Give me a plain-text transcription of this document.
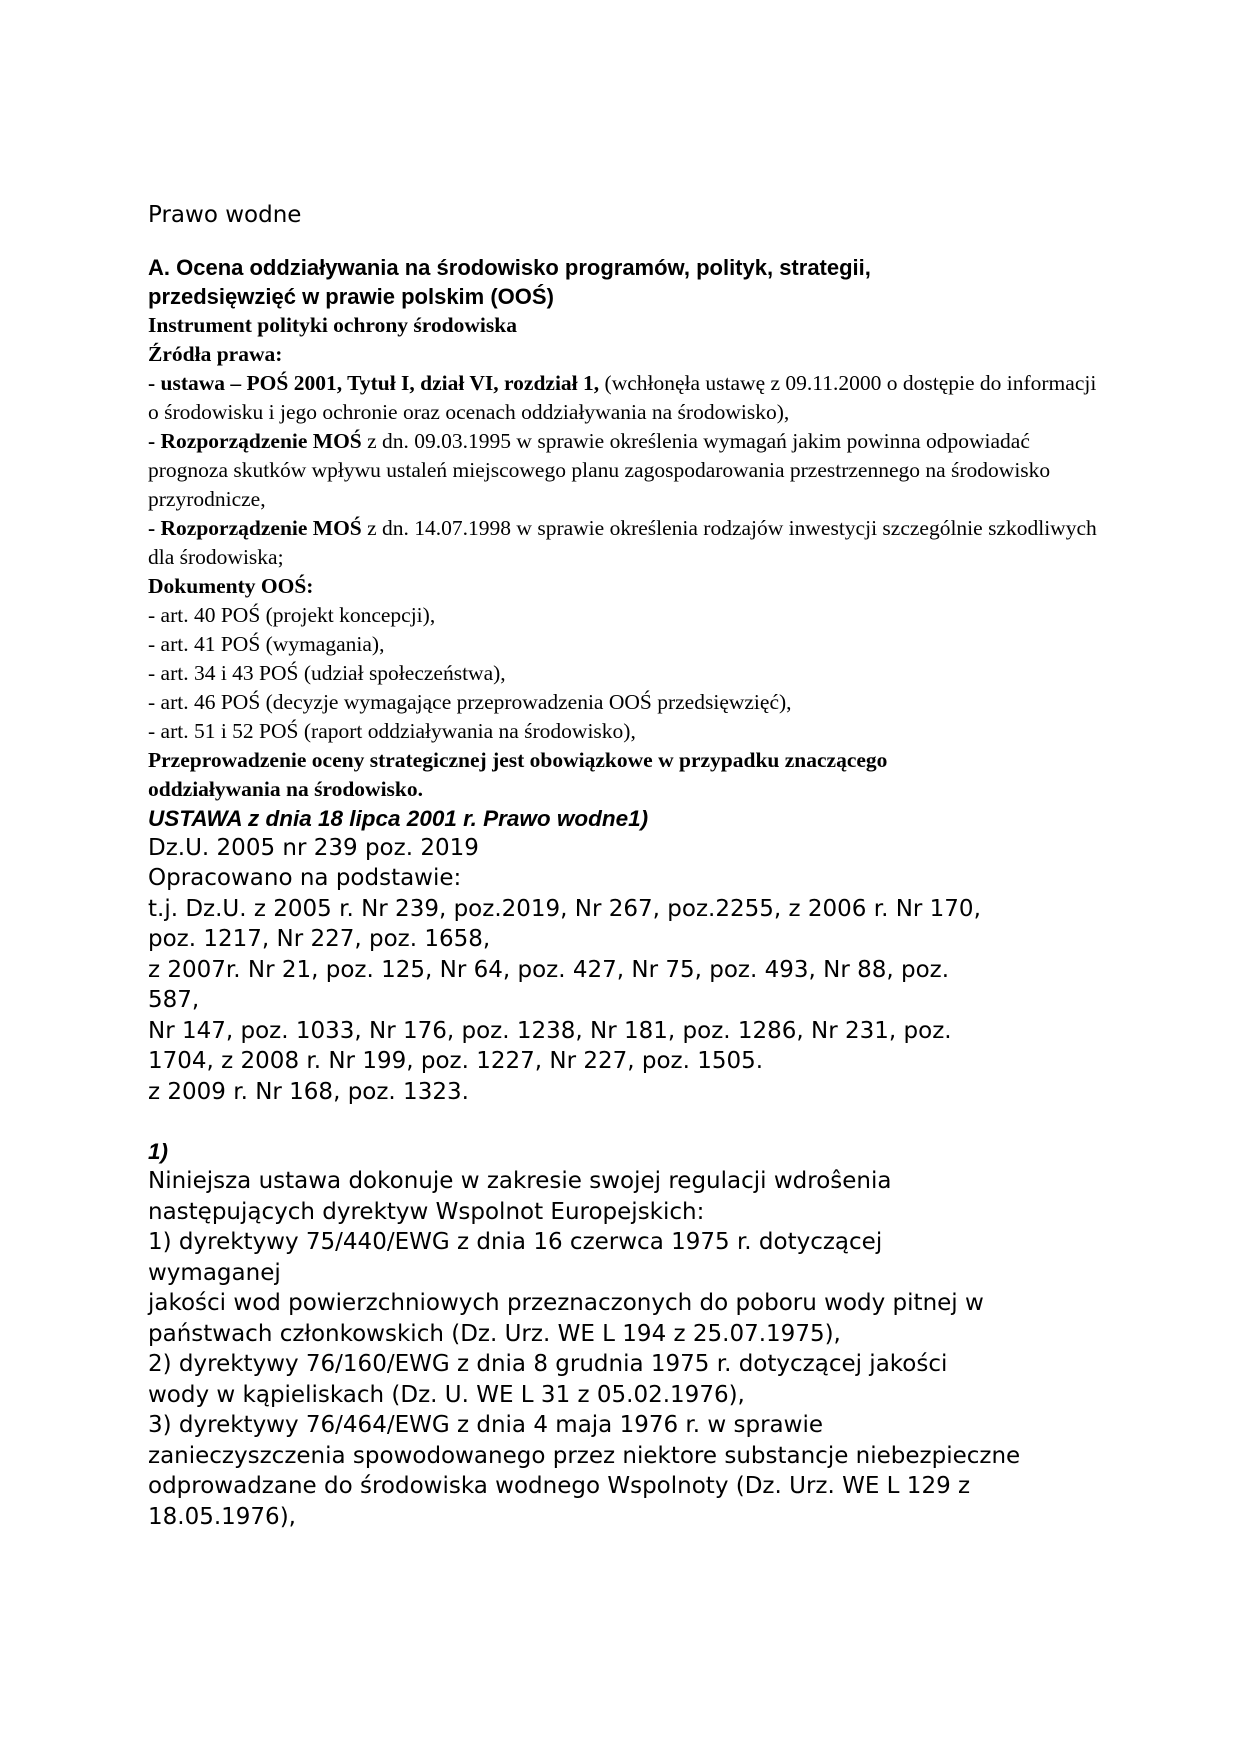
Prawo wodne

A. Ocena oddziaływania na środowisko programów, polityk, strategii,
przedsięwzięć w prawie polskim (OOŚ)

Instrument polityki ochrony środowiska

Źródła prawa:

- ustawa – POŚ 2001, Tytuł I, dział VI, rozdział 1, (wchłonęła ustawę z 09.11.2000 o dostępie do informacji o środowisku i jego ochronie oraz ocenach oddziaływania na środowisko),

- Rozporządzenie MOŚ z dn. 09.03.1995 w sprawie określenia wymagań jakim powinna odpowiadać prognoza skutków wpływu ustaleń miejscowego planu zagospodarowania przestrzennego na środowisko przyrodnicze,

- Rozporządzenie MOŚ z dn. 14.07.1998 w sprawie określenia rodzajów inwestycji szczególnie szkodliwych dla środowiska;

Dokumenty OOŚ:

- art. 40 POŚ (projekt koncepcji),

- art. 41 POŚ (wymagania),

- art. 34 i 43 POŚ (udział społeczeństwa),

- art. 46 POŚ (decyzje wymagające przeprowadzenia OOŚ przedsięwzięć),

- art. 51 i 52 POŚ (raport oddziaływania na środowisko),

Przeprowadzenie oceny strategicznej jest obowiązkowe w przypadku znaczącego

oddziaływania na środowisko.

USTAWA z dnia 18 lipca 2001 r. Prawo wodne1)

Dz.U. 2005 nr 239 poz. 2019

Opracowano na podstawie:

t.j. Dz.U. z 2005 r. Nr 239, poz.2019, Nr 267, poz.2255, z 2006 r. Nr 170,

poz. 1217, Nr 227, poz. 1658,

z 2007r. Nr 21, poz. 125, Nr 64, poz. 427, Nr 75, poz. 493, Nr 88, poz.

587,

Nr 147, poz. 1033, Nr 176, poz. 1238, Nr 181, poz. 1286, Nr 231, poz.

1704, z 2008 r. Nr 199, poz. 1227, Nr 227, poz. 1505.

z 2009 r. Nr 168, poz. 1323.

1)

Niniejsza ustawa dokonuje w zakresie swojej regulacji wdroŝenia

następujących dyrektyw Wspolnot Europejskich:

1) dyrektywy 75/440/EWG z dnia 16 czerwca 1975 r. dotyczącej

wymaganej

jakości wod powierzchniowych przeznaczonych do poboru wody pitnej w

państwach członkowskich (Dz. Urz. WE L 194 z 25.07.1975),

2) dyrektywy 76/160/EWG z dnia 8 grudnia 1975 r. dotyczącej jakości

wody w kąpieliskach (Dz. U. WE L 31 z 05.02.1976),

3) dyrektywy 76/464/EWG z dnia 4 maja 1976 r. w sprawie

zanieczyszczenia spowodowanego przez niektore substancje niebezpieczne

odprowadzane do środowiska wodnego Wspolnoty (Dz. Urz. WE L 129 z

18.05.1976),
